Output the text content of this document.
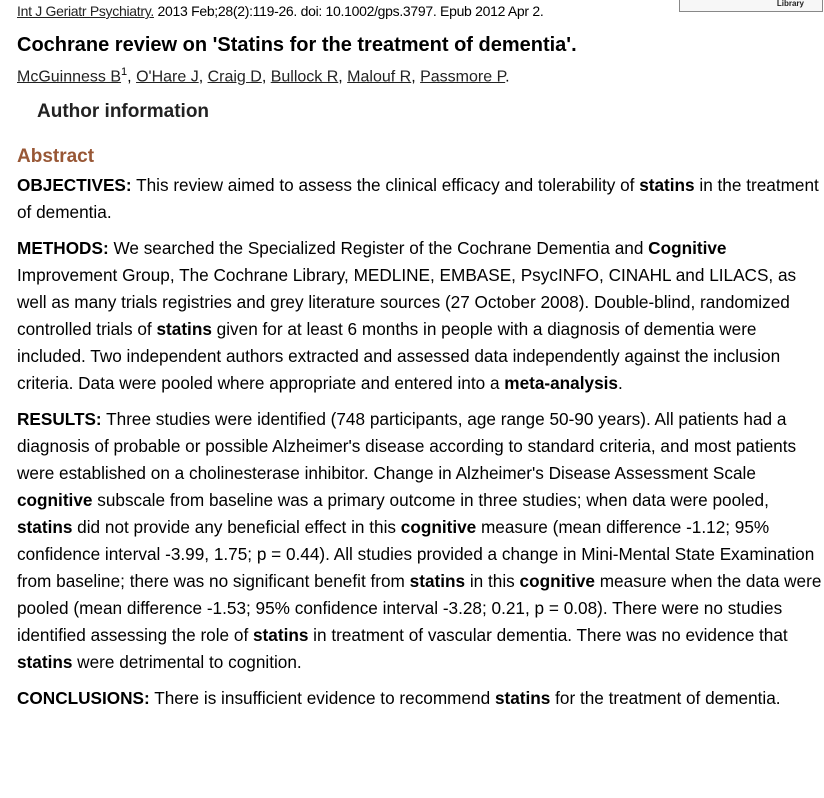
Library
Int J Geriatr Psychiatry. 2013 Feb;28(2):119-26. doi: 10.1002/gps.3797. Epub 2012 Apr 2.
Cochrane review on 'Statins for the treatment of dementia'.
McGuinness $B^1$, O'Hare J, Craig D, Bullock R, Malouf R, Passmore P.
Author information
Abstract

OBJECTIVES: This review aimed to assess the clinical efficacy and tolerability of statins in the treatment of dementia.

METHODS: We searched the Specialized Register of the Cochrane Dementia and Cognitive Improvement Group, The Cochrane Library, MEDLINE, EMBASE, PsycINFO, CINAHL and LILACS, as well as many trials registries and grey literature sources (27 October 2008). Double-blind, randomized controlled trials of statins given for at least 6 months in people with a diagnosis of dementia were included. Two independent authors extracted and assessed data independently against the inclusion criteria. Data were pooled where appropriate and entered into a meta-analysis.

RESULTS: Three studies were identified (748 participants, age range 50-90 years). All patients had a diagnosis of probable or possible Alzheimer's disease according to standard criteria, and most patients were established on a cholinesterase inhibitor. Change in Alzheimer's Disease Assessment Scale cognitive subscale from baseline was a primary outcome in three studies; when data were pooled, statins did not provide any beneficial effect in this cognitive measure (mean difference -1.12; 95% confidence interval -3.99, 1.75; p = 0.44). All studies provided a change in Mini-Mental State Examination from baseline; there was no significant benefit from statins in this cognitive measure when the data were pooled (mean difference -1.53; 95% confidence interval -3.28; 0.21, p = 0.08). There were no studies identified assessing the role of statins in treatment of vascular dementia. There was no evidence that statins were detrimental to cognition.

CONCLUSIONS: There is insufficient evidence to recommend statins for the treatment of dementia.
